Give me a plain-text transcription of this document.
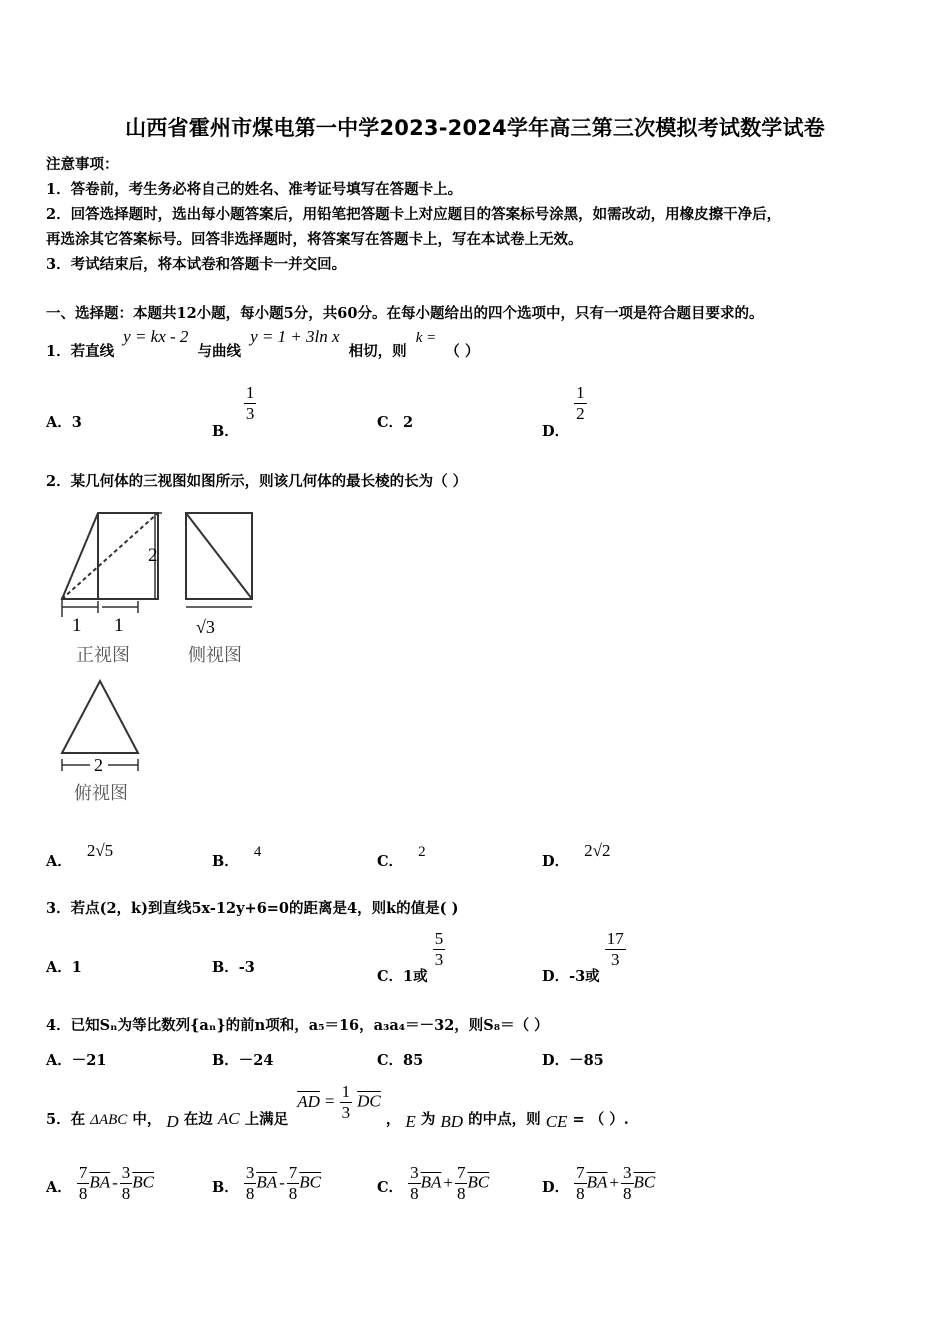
山西省霍州市煤电第一中学2023-2024学年高三第三次模拟考试数学试卷
注意事项：
1．答卷前，考生务必将自己的姓名、准考证号填写在答题卡上。
2．回答选择题时，选出每小题答案后，用铅笔把答题卡上对应题目的答案标号涂黑，如需改动，用橡皮擦干净后，
再选涂其它答案标号。回答非选择题时，将答案写在答题卡上，写在本试卷上无效。
3．考试结束后，将本试卷和答题卡一并交回。
一、选择题：本题共12小题，每小题5分，共60分。在每小题给出的四个选项中，只有一项是符合题目要求的。
1．若直线 y = kx - 2 与曲线 y = 1 + 3ln x 相切，则 k = （ ）
A．3	B．
$\frac{1}{3}$	C．2	D．
$\frac{1}{2}$
2．某几何体的三视图如图所示，则该几何体的最长棱的长为（ ）
1 1
2
正视图
√3
侧视图
2
俯视图
A． 2√5
B． 4
C． 2
D． 2√2
3．若点(2，k)到直线5x-12y+6=0的距离是4，则k的值是( )
A．1	B．-3	C．1或
$\frac{5}{3}$
D．-3或
$\frac{17}{3}$
4．已知Sₙ为等比数列{aₙ}的前n项和，a₅＝16，a₃a₄＝－32，则S₈＝（ ）
A．－21	B．－24	C．85	D．－85
5．在 ΔABC 中， D 在边 AC 上满足 $\overline{AD} = \frac{1}{3} \overline{DC}$ ， E 为 BD 的中点，则 CE = （ ）.
A． $\frac{7}{8} \overline{BA} - \frac{3}{8} \overline{BC}$	B． $\frac{3}{8} \overline{BA} - \frac{7}{8} \overline{BC}$	C． $\frac{3}{8} \overline{BA} + \frac{7}{8} \overline{BC}$	D． $\frac{7}{8} \overline{BA} + \frac{3}{8} \overline{BC}$
